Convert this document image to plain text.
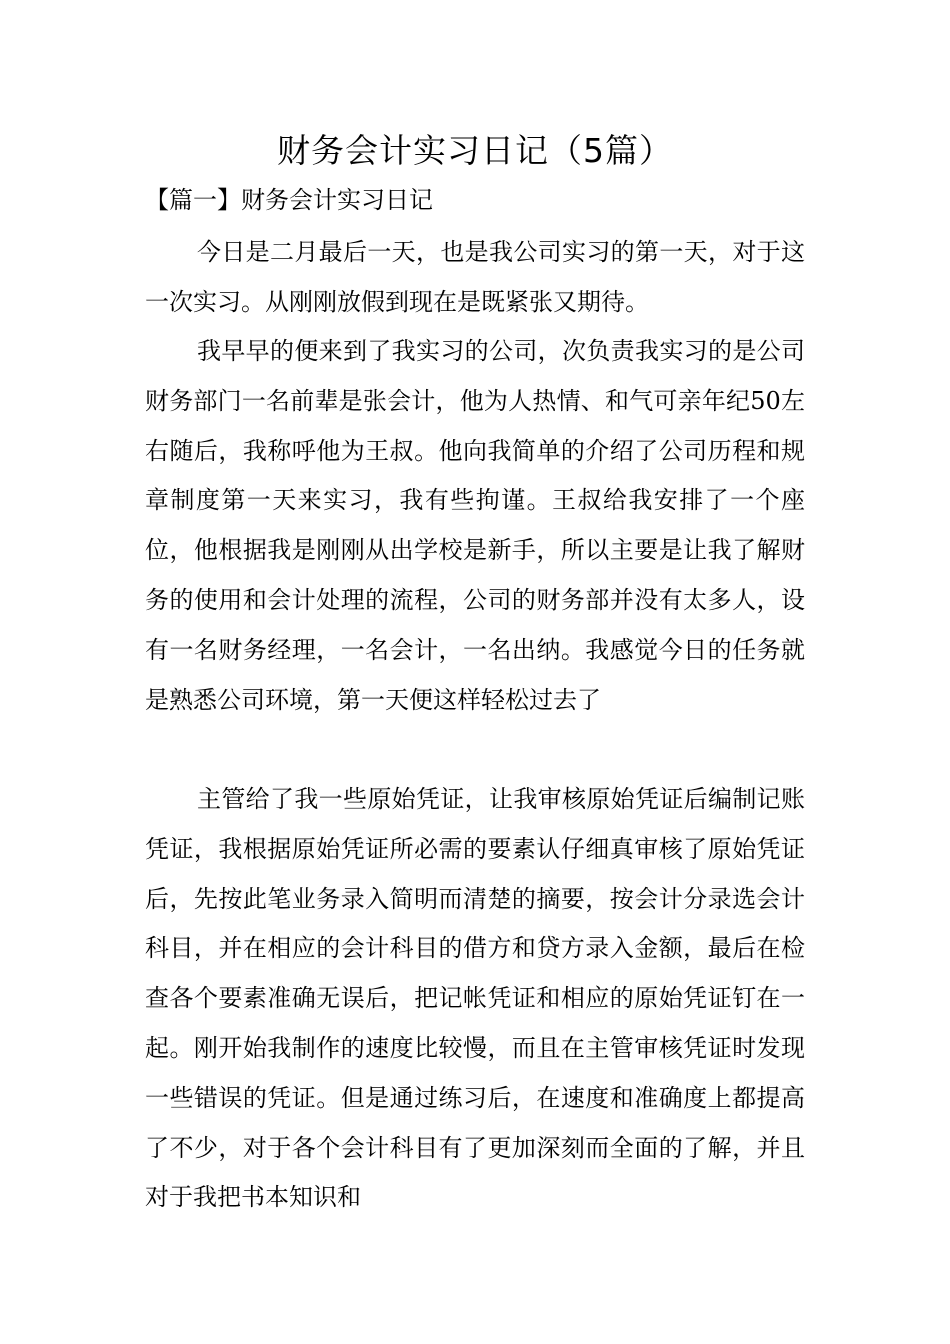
财务会计实习日记（5篇）
【篇一】财务会计实习日记

今日是二月最后一天，也是我公司实习的第一天，对于这一次实习。从刚刚放假到现在是既紧张又期待。

我早早的便来到了我实习的公司，次负责我实习的是公司财务部门一名前辈是张会计，他为人热情、和气可亲年纪50左右随后，我称呼他为王叔。他向我简单的介绍了公司历程和规章制度第一天来实习，我有些拘谨。王叔给我安排了一个座位，他根据我是刚刚从出学校是新手，所以主要是让我了解财务的使用和会计处理的流程，公司的财务部并没有太多人，设有一名财务经理，一名会计，一名出纳。我感觉今日的任务就是熟悉公司环境，第一天便这样轻松过去了

主管给了我一些原始凭证，让我审核原始凭证后编制记账凭证，我根据原始凭证所必需的要素认仔细真审核了原始凭证后，先按此笔业务录入简明而清楚的摘要，按会计分录选会计科目，并在相应的会计科目的借方和贷方录入金额，最后在检查各个要素准确无误后，把记帐凭证和相应的原始凭证钉在一起。刚开始我制作的速度比较慢，而且在主管审核凭证时发现一些错误的凭证。但是通过练习后，在速度和准确度上都提高了不少，对于各个会计科目有了更加深刻而全面的了解，并且对于我把书本知识和
